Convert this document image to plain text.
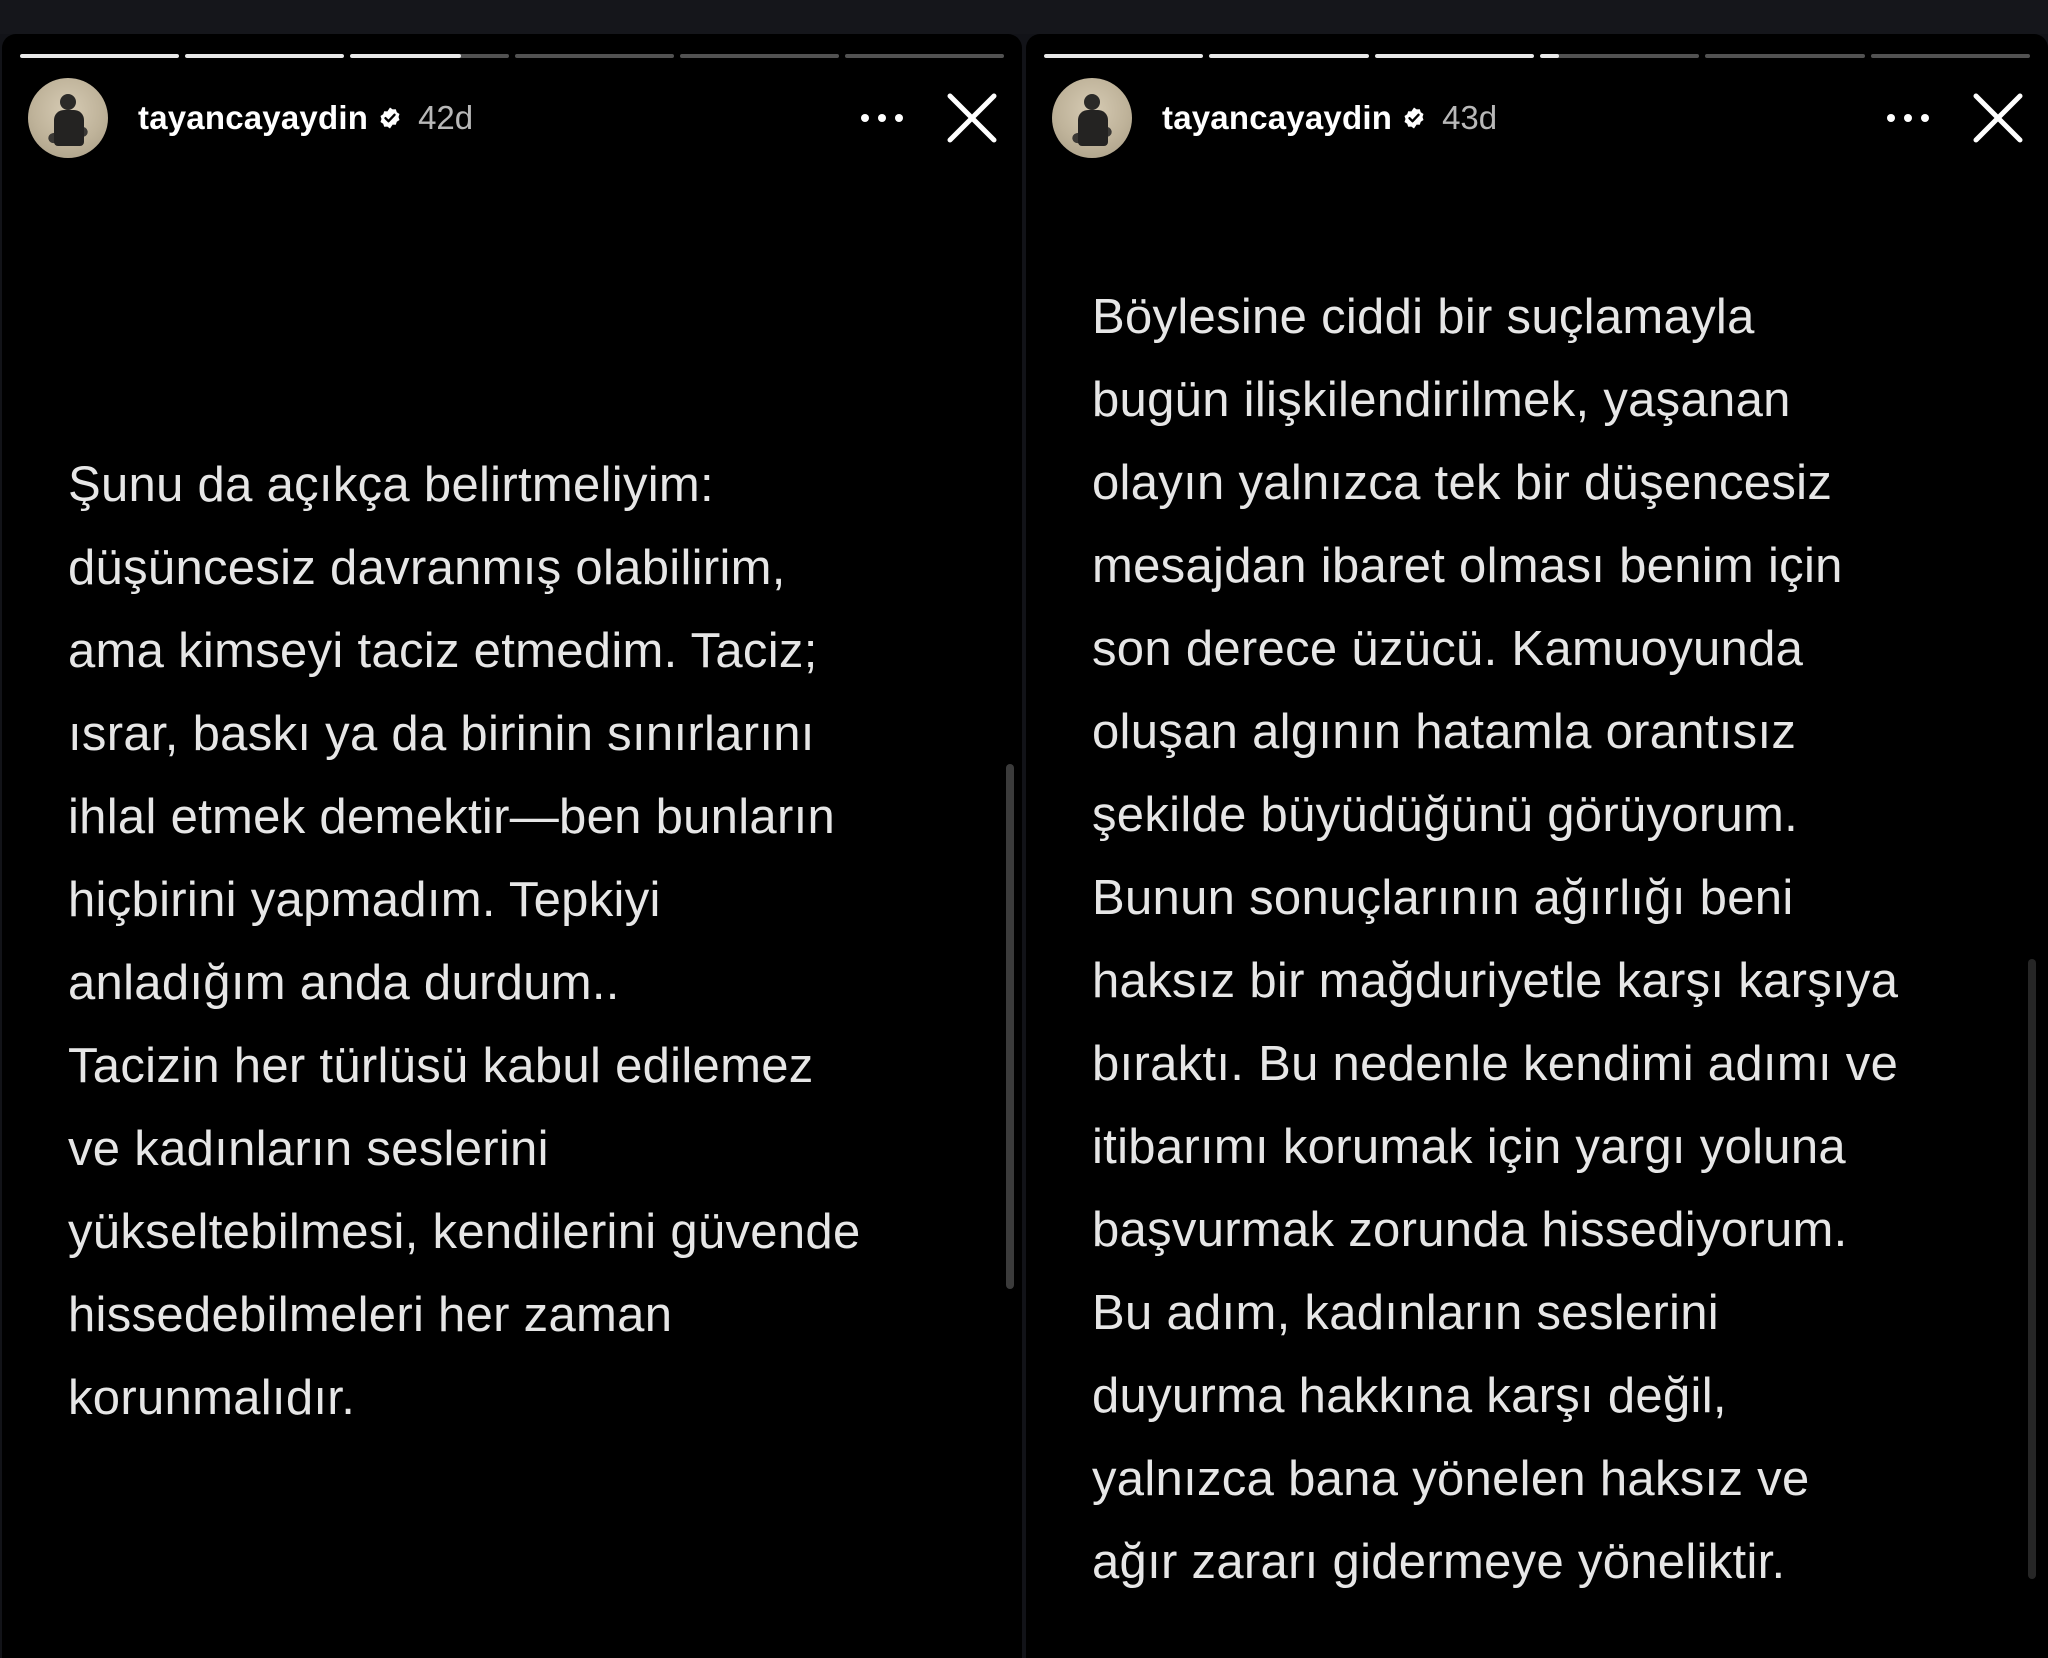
tayancayaydin 42d
Şunu da açıkça belirtmeliyim:
düşüncesiz davranmış olabilirim,
ama kimseyi taciz etmedim. Taciz;
ısrar, baskı ya da birinin sınırlarını
ihlal etmek demektir—ben bunların
hiçbirini yapmadım. Tepkiyi
anladığım anda durdum..
Tacizin her türlüsü kabul edilemez
ve kadınların seslerini
yükseltebilmesi, kendilerini güvende
hissedebilmeleri her zaman
korunmalıdır.
tayancayaydin 43d
Böylesine ciddi bir suçlamayla
bugün ilişkilendirilmek, yaşanan
olayın yalnızca tek bir düşencesiz
mesajdan ibaret olması benim için
son derece üzücü. Kamuoyunda
oluşan algının hatamla orantısız
şekilde büyüdüğünü görüyorum.
Bunun sonuçlarının ağırlığı beni
haksız bir mağduriyetle karşı karşıya
bıraktı. Bu nedenle kendimi adımı ve
itibarımı korumak için yargı yoluna
başvurmak zorunda hissediyorum.
Bu adım, kadınların seslerini
duyurma hakkına karşı değil,
yalnızca bana yönelen haksız ve
ağır zararı gidermeye yöneliktir.
